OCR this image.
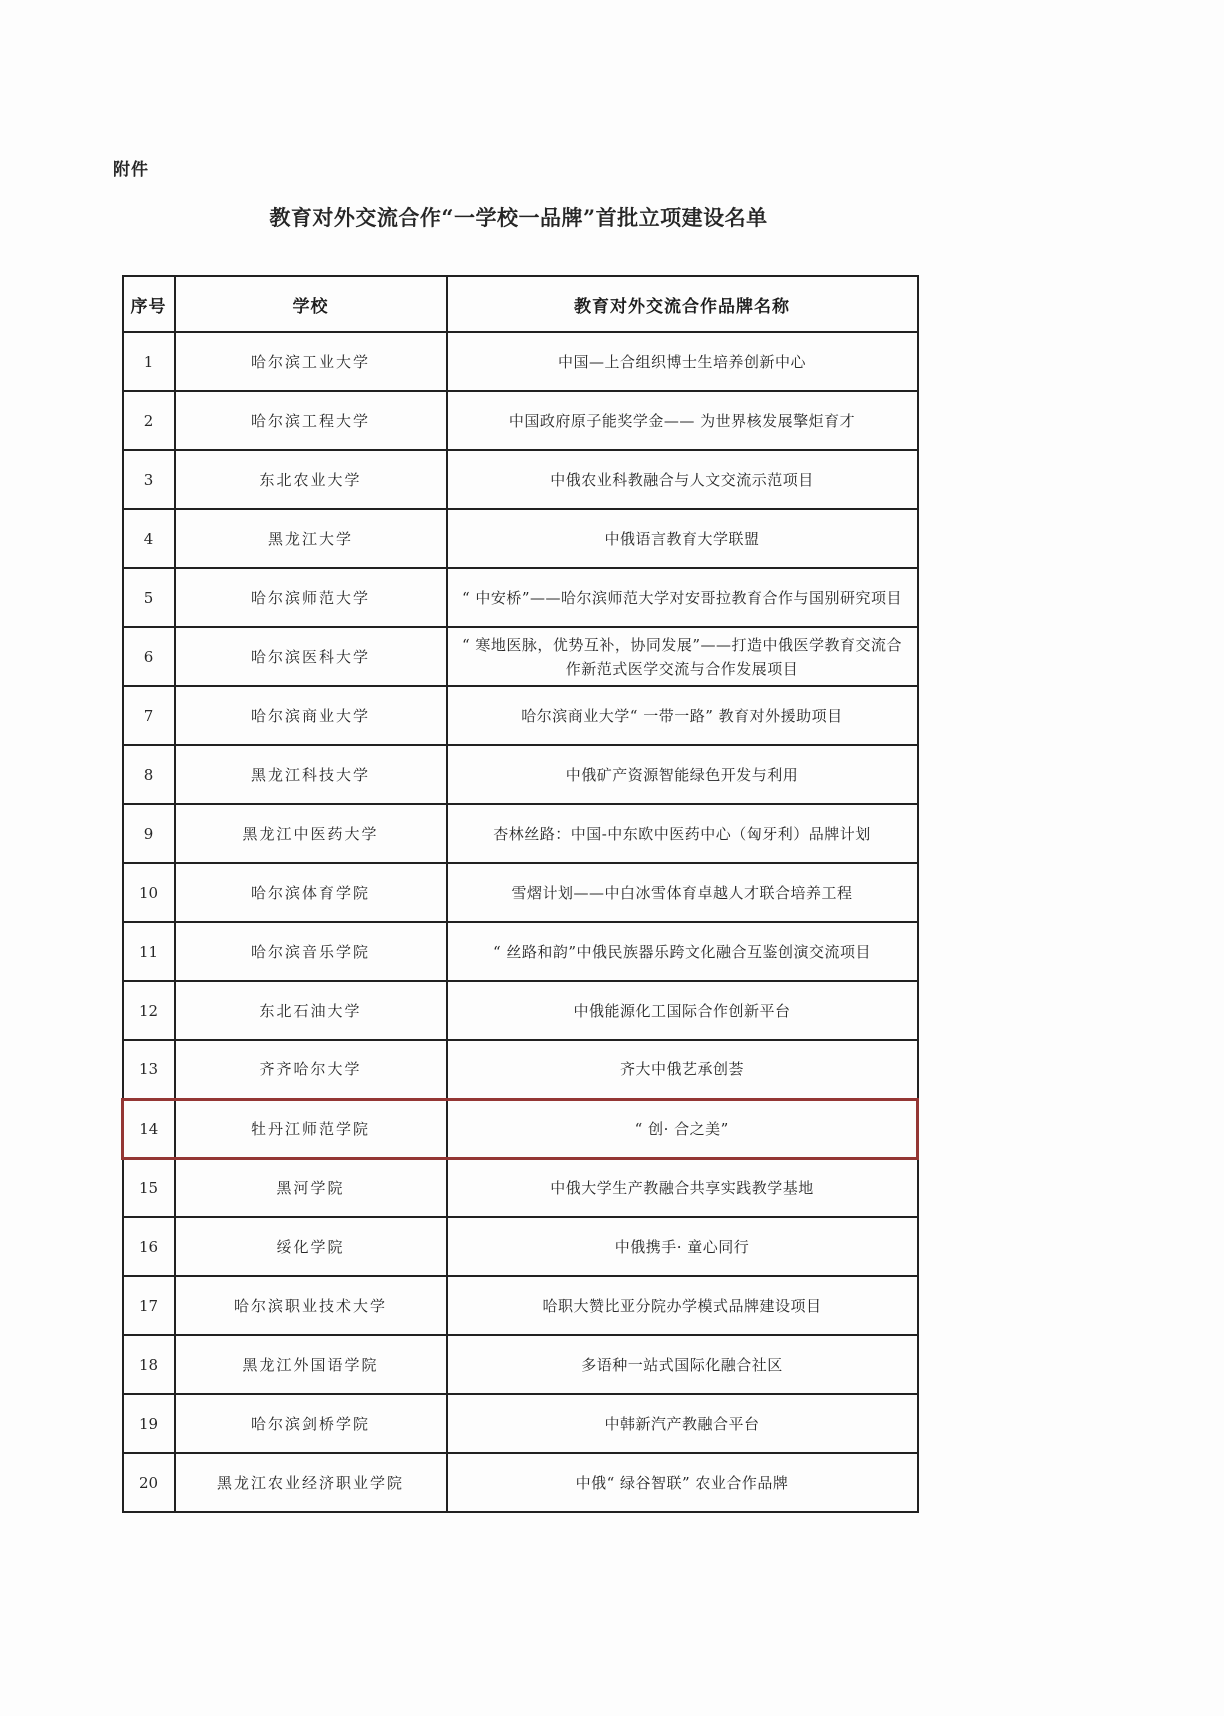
附件
教育对外交流合作“一学校一品牌”首批立项建设名单
序号	学校	教育对外交流合作品牌名称
1	哈尔滨工业大学	中国—上合组织博士生培养创新中心
2	哈尔滨工程大学	中国政府原子能奖学金—— 为世界核发展擎炬育才
3	东北农业大学	中俄农业科教融合与人文交流示范项目
4	黑龙江大学	中俄语言教育大学联盟
5	哈尔滨师范大学	“ 中安桥”——哈尔滨师范大学对安哥拉教育合作与国别研究项目
6	哈尔滨医科大学	“ 寒地医脉，优势互补，协同发展”——打造中俄医学教育交流合作新范式医学交流与合作发展项目
7	哈尔滨商业大学	哈尔滨商业大学“ 一带一路” 教育对外援助项目
8	黑龙江科技大学	中俄矿产资源智能绿色开发与利用
9	黑龙江中医药大学	杏林丝路：中国-中东欧中医药中心（匈牙利）品牌计划
10	哈尔滨体育学院	雪熠计划——中白冰雪体育卓越人才联合培养工程
11	哈尔滨音乐学院	“ 丝路和韵”中俄民族器乐跨文化融合互鉴创演交流项目
12	东北石油大学	中俄能源化工国际合作创新平台
13	齐齐哈尔大学	齐大中俄艺承创荟
14	牡丹江师范学院	“ 创· 合之美”
15	黑河学院	中俄大学生产教融合共享实践教学基地
16	绥化学院	中俄携手· 童心同行
17	哈尔滨职业技术大学	哈职大赞比亚分院办学模式品牌建设项目
18	黑龙江外国语学院	多语种一站式国际化融合社区
19	哈尔滨剑桥学院	中韩新汽产教融合平台
20	黑龙江农业经济职业学院	中俄“ 绿谷智联” 农业合作品牌
